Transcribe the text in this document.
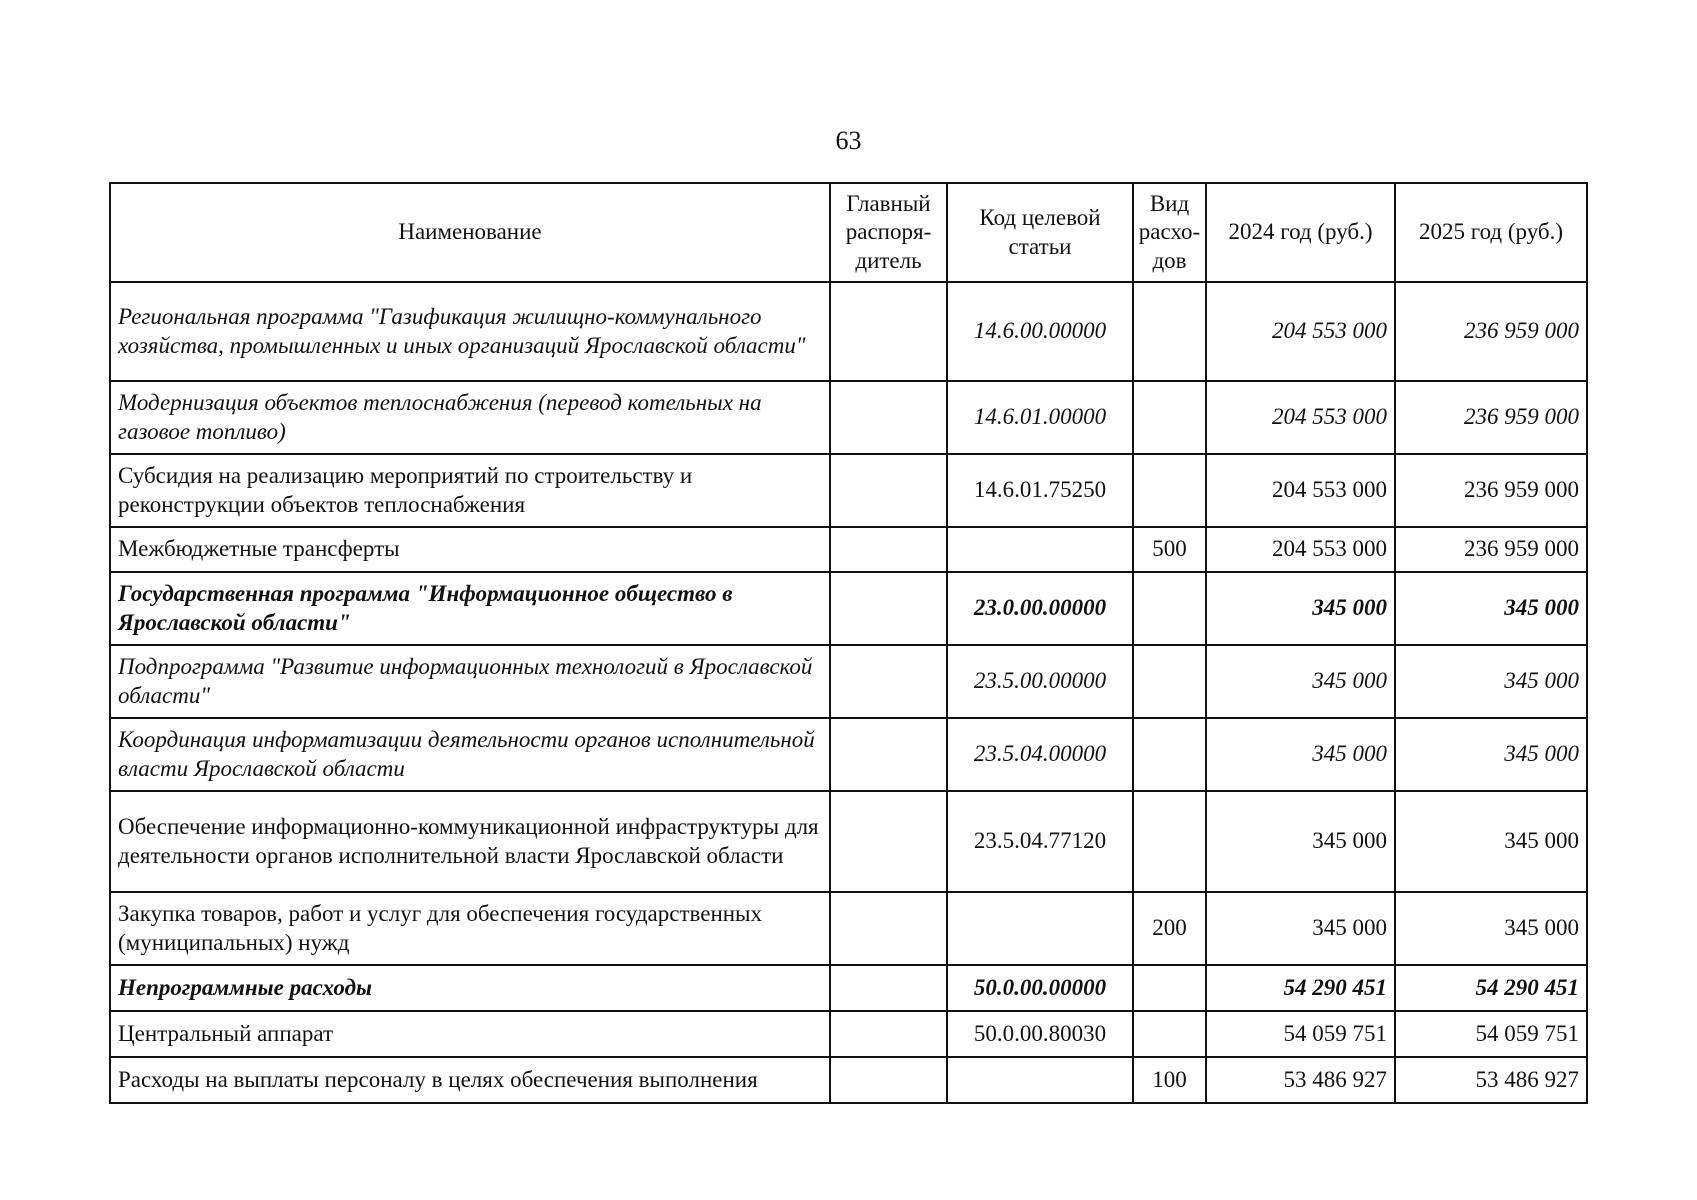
63
Наименование	Главный распоря-дитель	Код целевой статьи	Вид расхо-дов	2024 год (руб.)	2025 год (руб.)
Региональная программа "Газификация жилищно-коммунального хозяйства, промышленных и иных организаций Ярославской области"		14.6.00.00000		204 553 000	236 959 000
Модернизация объектов теплоснабжения (перевод котельных на газовое топливо)		14.6.01.00000		204 553 000	236 959 000
Субсидия на реализацию мероприятий по строительству и реконструкции объектов теплоснабжения		14.6.01.75250		204 553 000	236 959 000
Межбюджетные трансферты			500	204 553 000	236 959 000
Государственная программа "Информационное общество в Ярославской области"		23.0.00.00000		345 000	345 000
Подпрограмма "Развитие информационных технологий в Ярославской области"		23.5.00.00000		345 000	345 000
Координация информатизации деятельности органов исполнительной власти Ярославской области		23.5.04.00000		345 000	345 000
Обеспечение информационно-коммуникационной инфраструктуры для деятельности органов исполнительной власти Ярославской области		23.5.04.77120		345 000	345 000
Закупка товаров, работ и услуг для обеспечения государственных (муниципальных) нужд			200	345 000	345 000
Непрограммные расходы		50.0.00.00000		54 290 451	54 290 451
Центральный аппарат		50.0.00.80030		54 059 751	54 059 751
Расходы на выплаты персоналу в целях обеспечения выполнения			100	53 486 927	53 486 927
